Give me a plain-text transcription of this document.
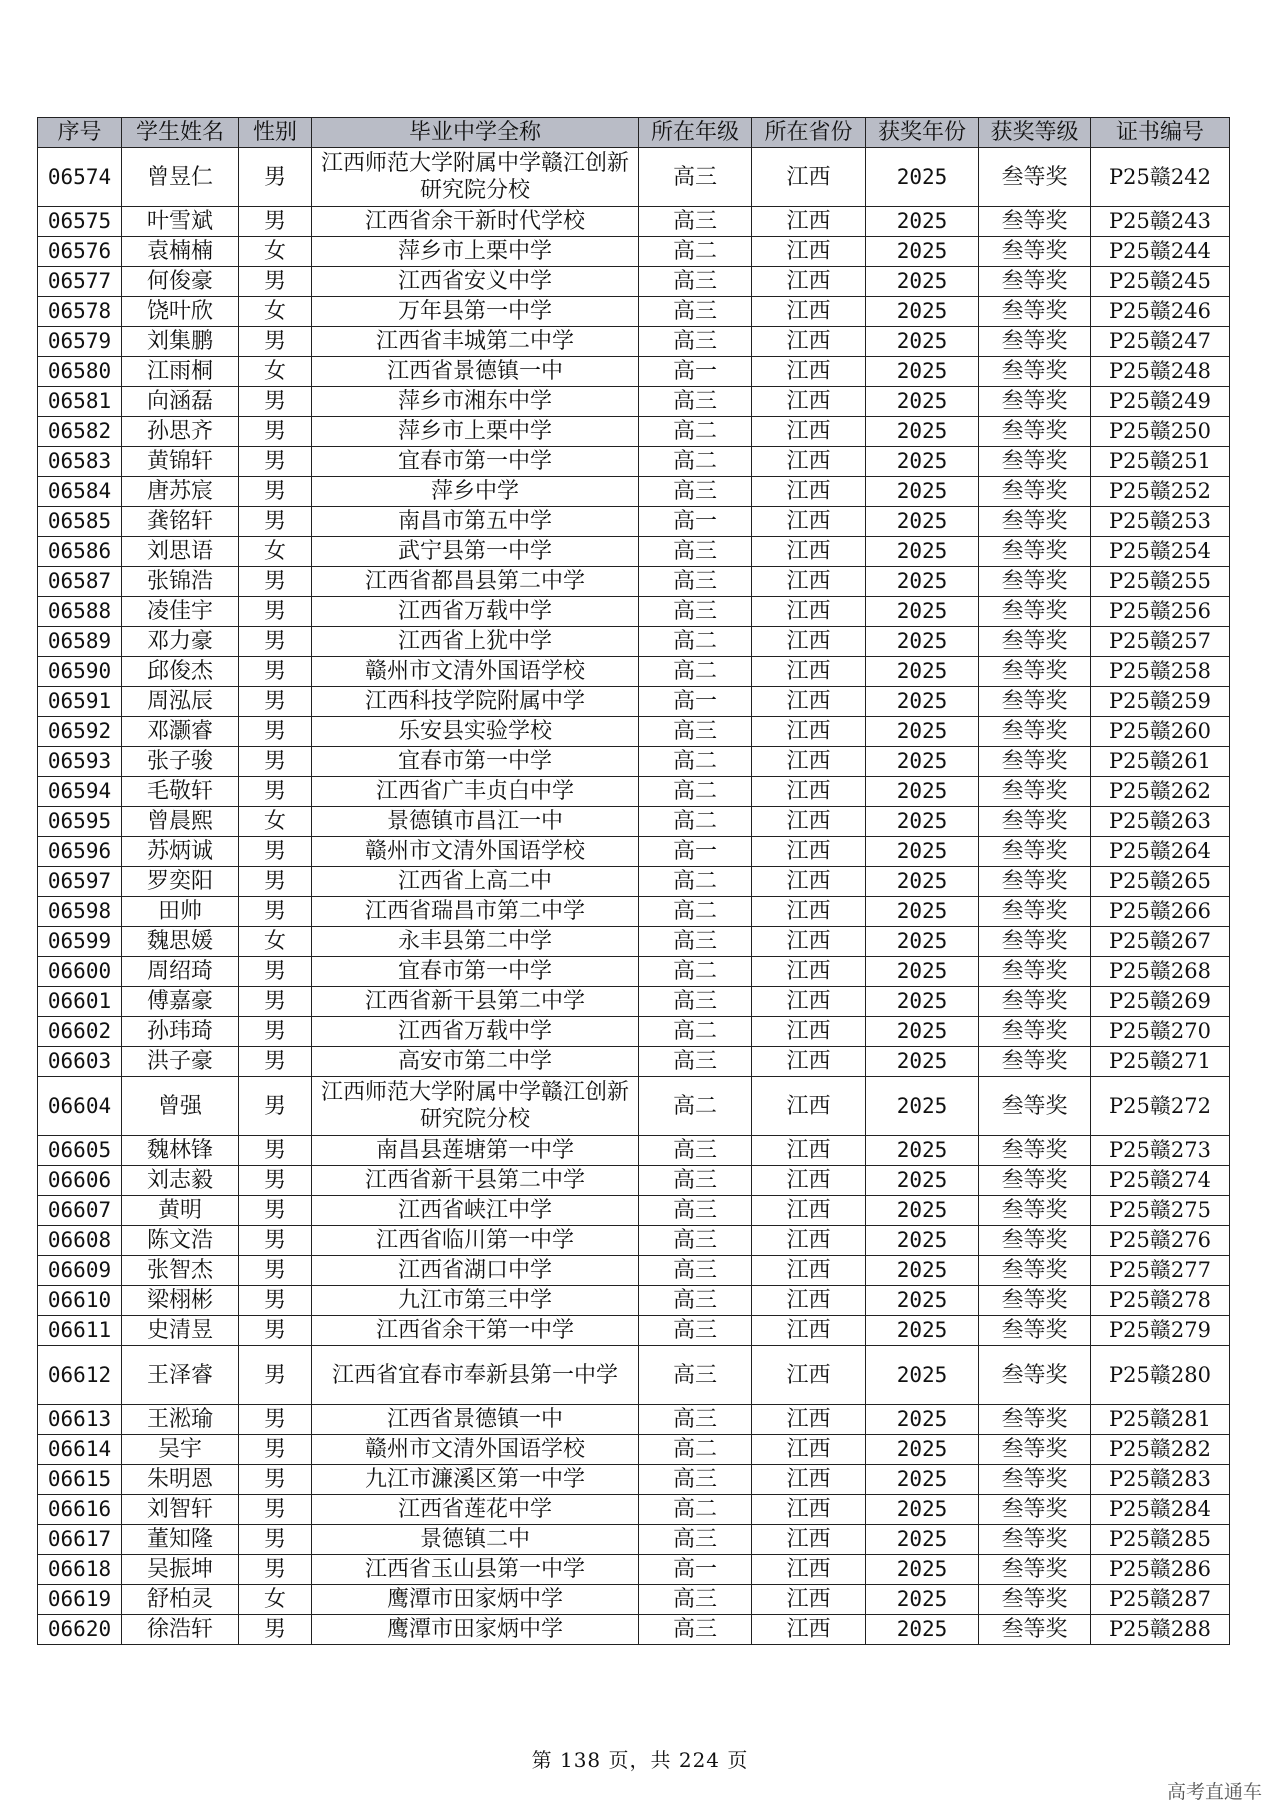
序号	学生姓名	性别	毕业中学全称	所在年级	所在省份	获奖年份	获奖等级	证书编号
06574	曾昱仁	男	江西师范大学附属中学赣江创新研究院分校	高三	江西	2025	叁等奖	P25赣242
06575	叶雪斌	男	江西省余干新时代学校	高三	江西	2025	叁等奖	P25赣243
06576	袁楠楠	女	萍乡市上栗中学	高二	江西	2025	叁等奖	P25赣244
06577	何俊豪	男	江西省安义中学	高三	江西	2025	叁等奖	P25赣245
06578	饶叶欣	女	万年县第一中学	高三	江西	2025	叁等奖	P25赣246
06579	刘集鹏	男	江西省丰城第二中学	高三	江西	2025	叁等奖	P25赣247
06580	江雨桐	女	江西省景德镇一中	高一	江西	2025	叁等奖	P25赣248
06581	向涵磊	男	萍乡市湘东中学	高三	江西	2025	叁等奖	P25赣249
06582	孙思齐	男	萍乡市上栗中学	高二	江西	2025	叁等奖	P25赣250
06583	黄锦轩	男	宜春市第一中学	高二	江西	2025	叁等奖	P25赣251
06584	唐苏宸	男	萍乡中学	高三	江西	2025	叁等奖	P25赣252
06585	龚铭轩	男	南昌市第五中学	高一	江西	2025	叁等奖	P25赣253
06586	刘思语	女	武宁县第一中学	高三	江西	2025	叁等奖	P25赣254
06587	张锦浩	男	江西省都昌县第二中学	高三	江西	2025	叁等奖	P25赣255
06588	凌佳宇	男	江西省万载中学	高三	江西	2025	叁等奖	P25赣256
06589	邓力豪	男	江西省上犹中学	高二	江西	2025	叁等奖	P25赣257
06590	邱俊杰	男	赣州市文清外国语学校	高二	江西	2025	叁等奖	P25赣258
06591	周泓辰	男	江西科技学院附属中学	高一	江西	2025	叁等奖	P25赣259
06592	邓灏睿	男	乐安县实验学校	高三	江西	2025	叁等奖	P25赣260
06593	张子骏	男	宜春市第一中学	高二	江西	2025	叁等奖	P25赣261
06594	毛敬轩	男	江西省广丰贞白中学	高二	江西	2025	叁等奖	P25赣262
06595	曾晨熙	女	景德镇市昌江一中	高二	江西	2025	叁等奖	P25赣263
06596	苏炳诚	男	赣州市文清外国语学校	高一	江西	2025	叁等奖	P25赣264
06597	罗奕阳	男	江西省上高二中	高二	江西	2025	叁等奖	P25赣265
06598	田帅	男	江西省瑞昌市第二中学	高二	江西	2025	叁等奖	P25赣266
06599	魏思媛	女	永丰县第二中学	高三	江西	2025	叁等奖	P25赣267
06600	周绍琦	男	宜春市第一中学	高二	江西	2025	叁等奖	P25赣268
06601	傅嘉豪	男	江西省新干县第二中学	高三	江西	2025	叁等奖	P25赣269
06602	孙玮琦	男	江西省万载中学	高二	江西	2025	叁等奖	P25赣270
06603	洪子豪	男	高安市第二中学	高三	江西	2025	叁等奖	P25赣271
06604	曾强	男	江西师范大学附属中学赣江创新研究院分校	高二	江西	2025	叁等奖	P25赣272
06605	魏林锋	男	南昌县莲塘第一中学	高三	江西	2025	叁等奖	P25赣273
06606	刘志毅	男	江西省新干县第二中学	高三	江西	2025	叁等奖	P25赣274
06607	黄明	男	江西省峡江中学	高三	江西	2025	叁等奖	P25赣275
06608	陈文浩	男	江西省临川第一中学	高三	江西	2025	叁等奖	P25赣276
06609	张智杰	男	江西省湖口中学	高三	江西	2025	叁等奖	P25赣277
06610	梁栩彬	男	九江市第三中学	高三	江西	2025	叁等奖	P25赣278
06611	史清昱	男	江西省余干第一中学	高三	江西	2025	叁等奖	P25赣279
06612	王泽睿	男	江西省宜春市奉新县第一中学	高三	江西	2025	叁等奖	P25赣280
06613	王淞瑜	男	江西省景德镇一中	高三	江西	2025	叁等奖	P25赣281
06614	吴宇	男	赣州市文清外国语学校	高二	江西	2025	叁等奖	P25赣282
06615	朱明恩	男	九江市濂溪区第一中学	高三	江西	2025	叁等奖	P25赣283
06616	刘智轩	男	江西省莲花中学	高二	江西	2025	叁等奖	P25赣284
06617	董知隆	男	景德镇二中	高三	江西	2025	叁等奖	P25赣285
06618	吴振坤	男	江西省玉山县第一中学	高一	江西	2025	叁等奖	P25赣286
06619	舒柏灵	女	鹰潭市田家炳中学	高三	江西	2025	叁等奖	P25赣287
06620	徐浩轩	男	鹰潭市田家炳中学	高三	江西	2025	叁等奖	P25赣288
第 138 页，共 224 页
高考直通车
